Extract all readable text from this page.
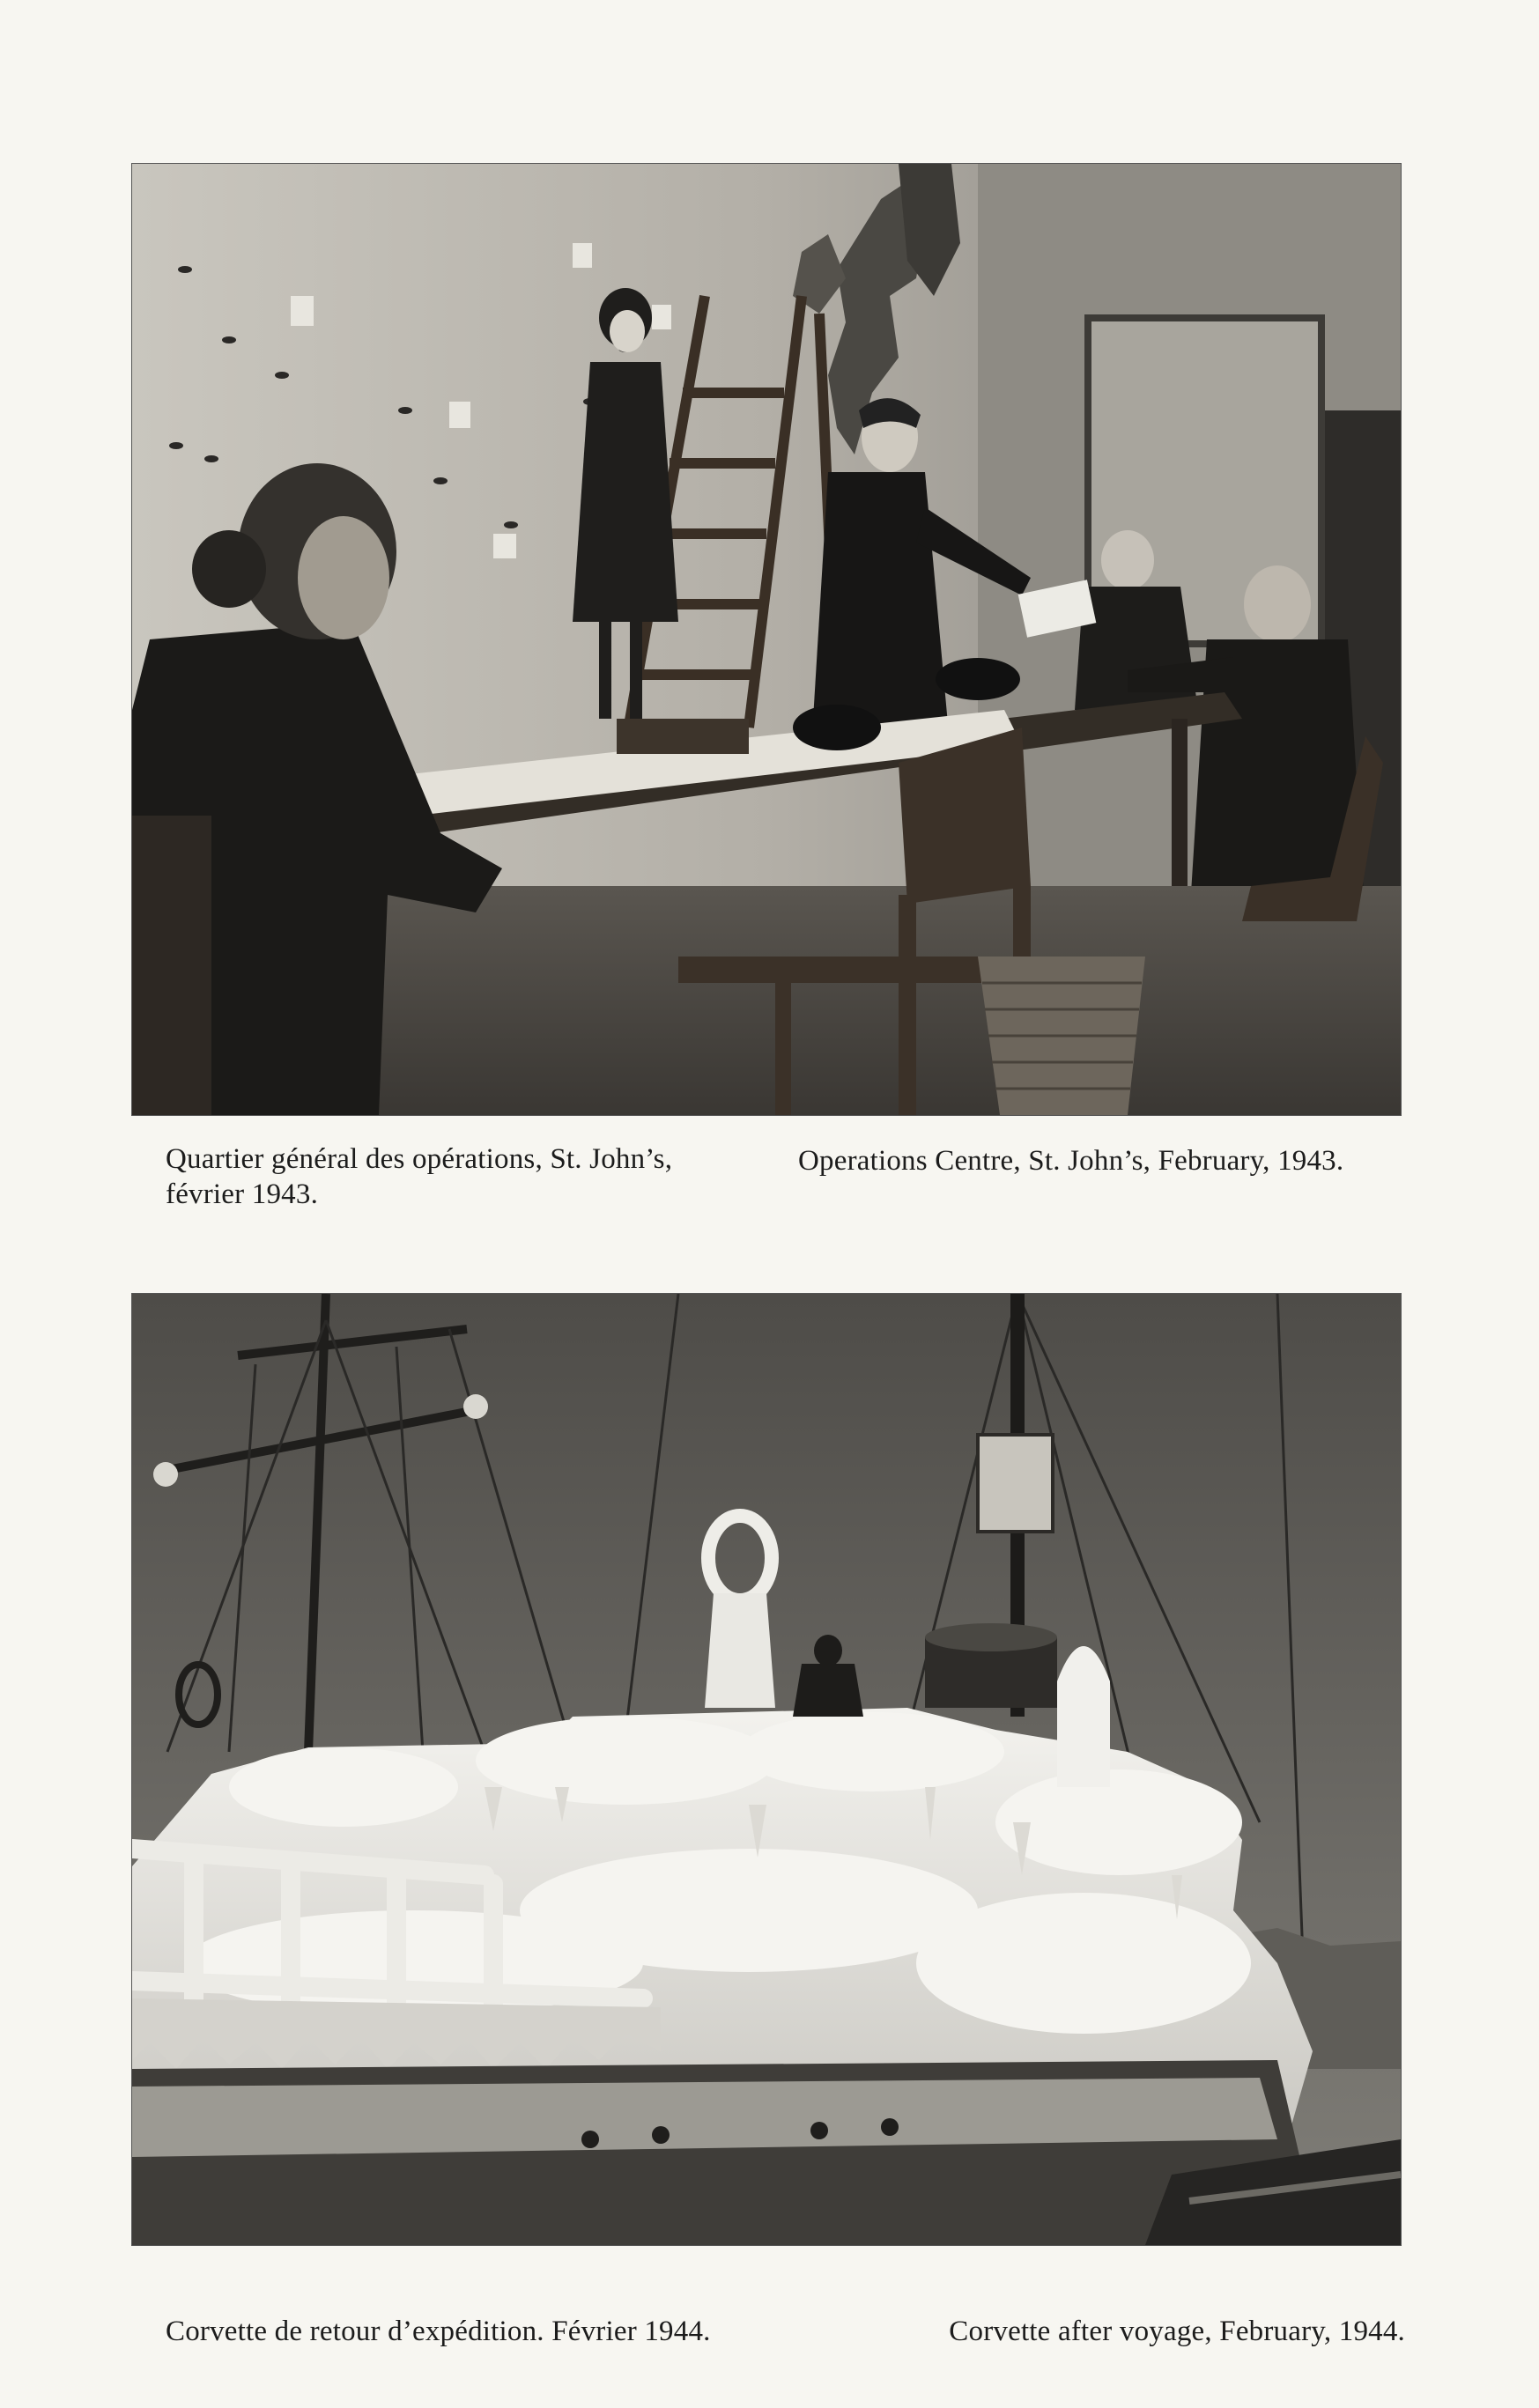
Quartier général des opérations, St. John’s, février 1943.

Operations Centre, St. John’s, February, 1943.

Corvette de retour d’expédition. Février 1944.	Corvette after voyage, February, 1944.
